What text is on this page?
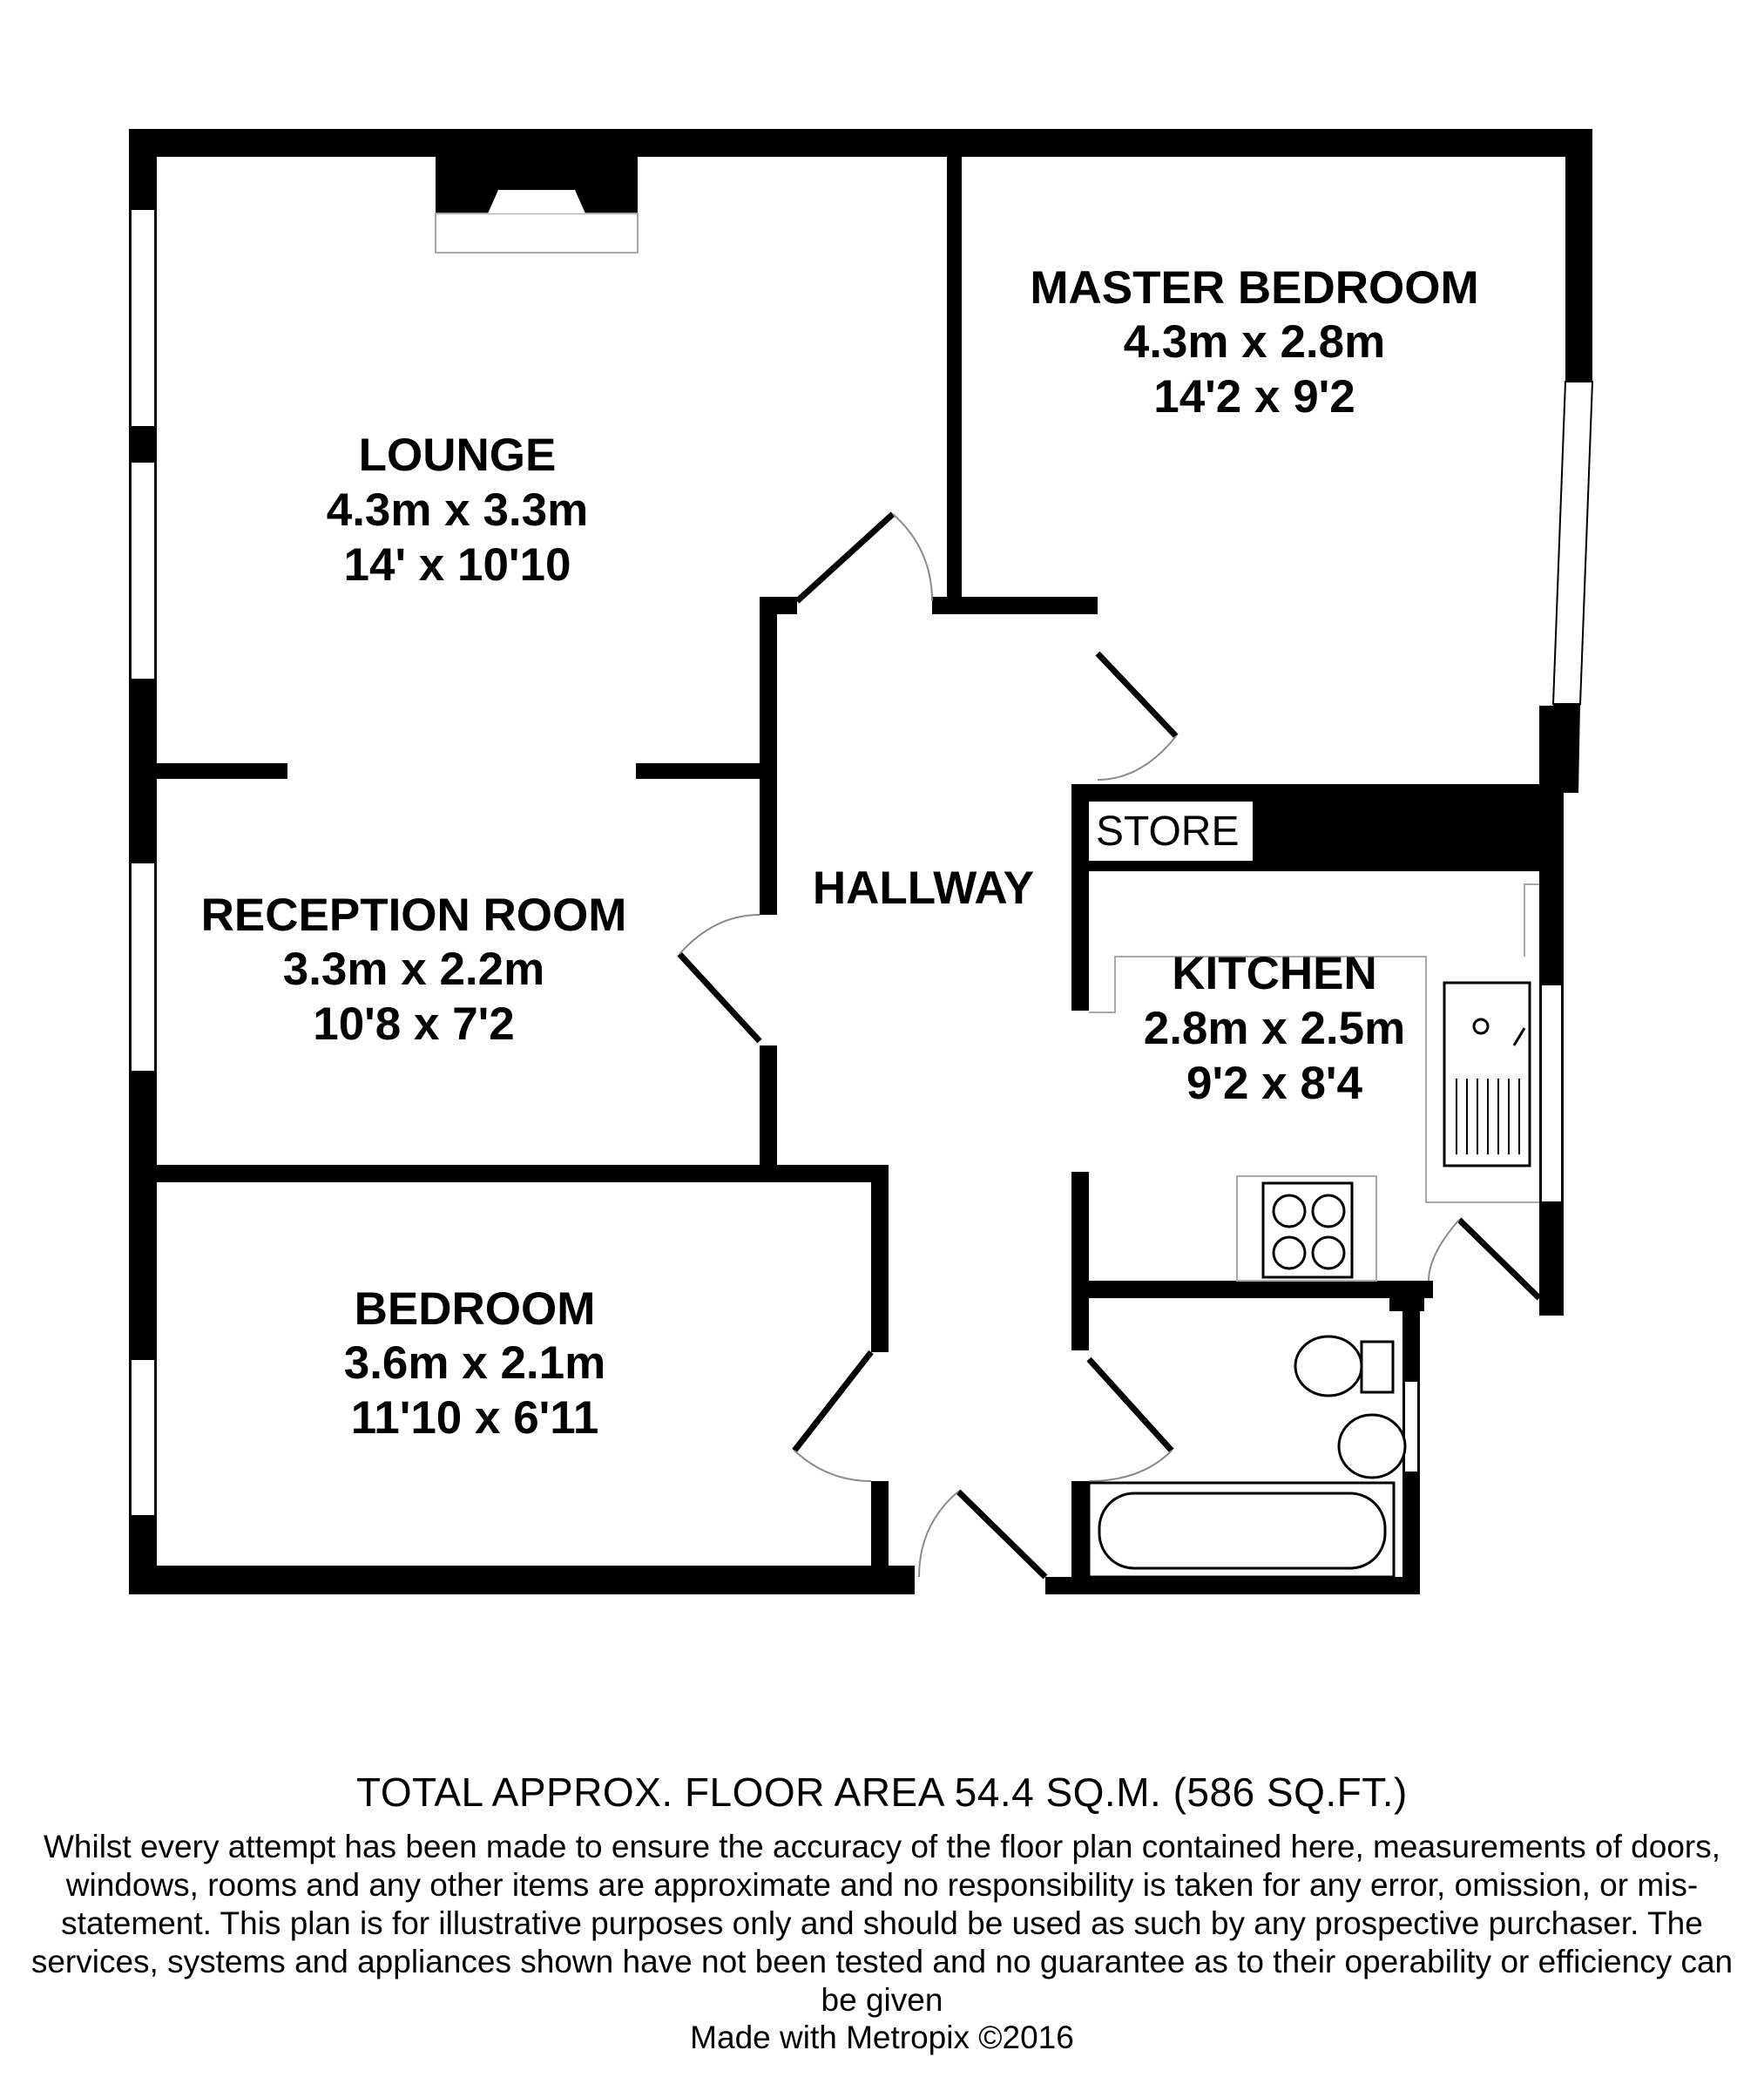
LOUNGE
4.3m x 3.3m
14' x 10'10
MASTER BEDROOM
4.3m x 2.8m
14'2 x 9'2
RECEPTION ROOM
3.3m x 2.2m
10'8 x 7'2
HALLWAY
STORE
KITCHEN
2.8m x 2.5m
9'2 x 8'4
BEDROOM
3.6m x 2.1m
11'10 x 6'11
TOTAL APPROX. FLOOR AREA 54.4 SQ.M. (586 SQ.FT.)
Whilst every attempt has been made to ensure the accuracy of the floor plan contained here, measurements of doors, windows, rooms and any other items are approximate and no responsibility is taken for any error, omission, or mis-statement. This plan is for illustrative purposes only and should be used as such by any prospective purchaser. The services, systems and appliances shown have not been tested and no guarantee as to their operability or efficiency can be given
Made with Metropix ©2016
